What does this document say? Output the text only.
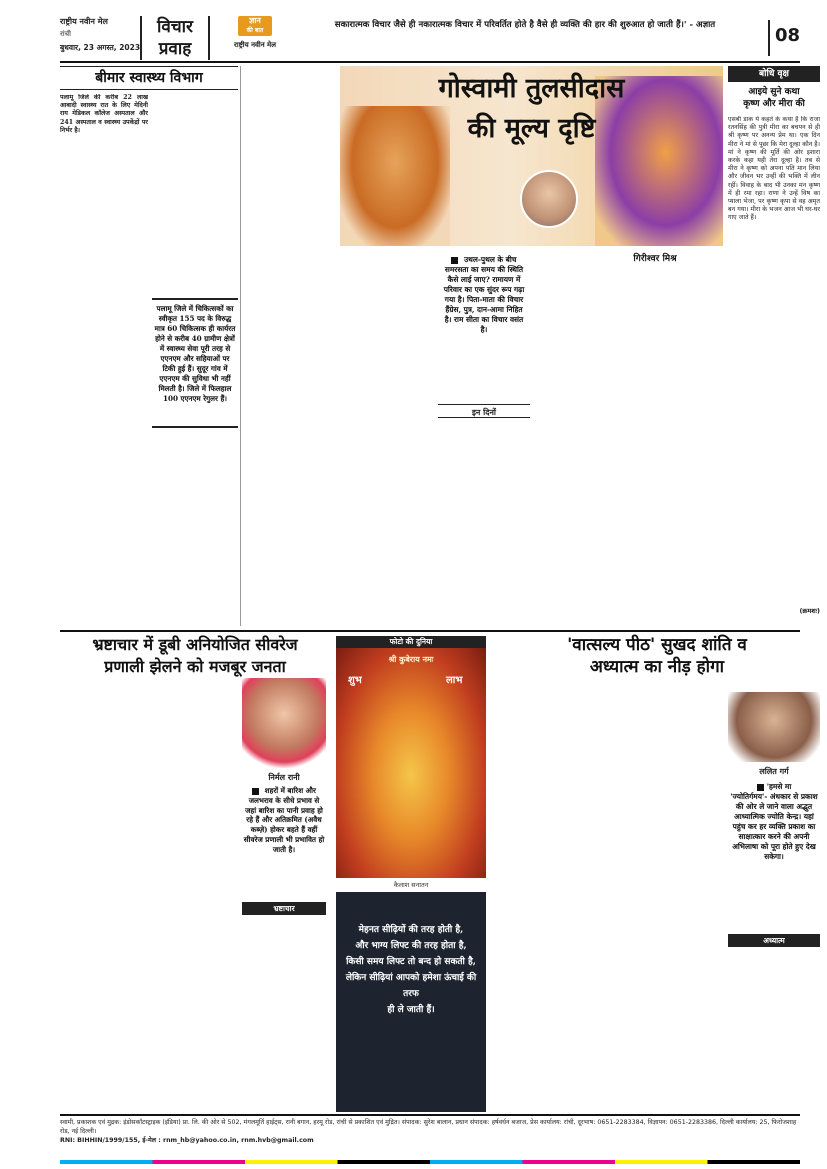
राष्ट्रीय नवीन मेल
रांची
बुधवार, 23 अगस्त, 2023
विचार
प्रवाह
ज्ञान
की बात
राष्ट्रीय नवीन मेल
सकारात्मक विचार जैसे ही नकारात्मक विचार में परिवर्तित होते है वैसे ही व्यक्ति की हार की शुरुआत हो जाती हैं।' - अज्ञात	08
बीमार स्वास्थ्य विभाग
पलामू जिले की करीब 22 लाख आबादी स्वास्थ्य रात के लिए मेदिनी राय मेडिकल कॉलेज अस्पताल और 241 अस्पताल व स्वास्थ्य उपकेंद्रों पर निर्भर है।
पलामू जिले में चिकित्सकों का स्वीकृत 155 पद के विरुद्ध मात्र 60 चिकित्सक ही कार्यरत होने से करीब 40 ग्रामीण क्षेत्रों में स्वास्थ्य सेवा पूरी तरह से एएनएम और सहियाओं पर टिकी हुई हैं। सुदूर गांव में एएनएम की सुविधा भी नहीं मिलती है। जिले में फिलहाल 100 एएनएम रेगुलर हैं।
गोस्वामी तुलसीदास
की मूल्य दृष्टि
गिरीश्वर मिश्र
उथल-पुथल के बीच समरसता का समय की स्थिति कैसे लाई जाए? रामायण में परिवार का एक सुंदर रूप गढ़ा गया है। पिता-माता की विचार हैंग्रेस, पुत्र, दान-आमा निहित है। राम सीता का विचार वसंत है।
इन दिनों
बोधि वृक्ष
आइये सुने कथा
कृष्ण और मीरा की
एसबी डाक ये कहते के कथा है कि राजा रतनसिंह की पुत्री मीरा का बचपन से ही श्री कृष्ण पर अनन्य प्रेम था। एक दिन मीरा ने मां से पूछा कि मेरा दूल्हा कौन है। मां ने कृष्ण की मूर्ति की ओर इशारा करके कहा यही तेरा दूल्हा है। तब से मीरा ने कृष्ण को अपना पति मान लिया और जीवन भर उन्हीं की भक्ति में लीन रहीं। विवाह के बाद भी उनका मन कृष्ण में ही रमा रहा। राणा ने उन्हें विष का प्याला भेजा, पर कृष्ण कृपा से वह अमृत बन गया। मीरा के भजन आज भी घर-घर गाए जाते हैं।
(क्रमशः)
भ्रष्टाचार में डूबी अनियोजित सीवरेज
प्रणाली झेलने को मजबूर जनता
निर्मल रानी
शहरों में बारिश और जलभराव के सीधे प्रभाव से जहां बारिश का पानी प्रवाह हो रहे हैं और अतिक्रमित (अवैध कब्ज़े) होकर बहते हैं वहीं सीवरेज प्रणाली भी प्रभावित हो जाती है।
भ्रष्टाचार
फोटो की दुनिया
श्री कुबेराय नमः
शुभ	लाभ
कैलाश सनातन
मेहनत सीढ़ियों की तरह होती है,
और भाग्य लिफ्ट की तरह होता है,
किसी समय लिफ्ट तो बन्द हो सकती है,
लेकिन सीढ़ियां आपको हमेशा ऊंचाई की तरफ
ही ले जाती हैं।
'वात्सल्य पीठ' सुखद शांति व
अध्यात्म का नीड़ होगा
ललित गर्ग
'हमसे मा
'ज्योतिर्गमय'- अंधकार से प्रकाश की ओर ले जाने वाला अद्भुत आध्यात्मिक ज्योति केन्द्र। यहां पहुंच कर हर व्यक्ति प्रकाश का साक्षात्कार करने की अपनी अभिलाषा को पूरा होते हुए देख सकेगा।
अध्यात्म
स्वामी, प्रकाशक एवं मुद्रक: इंडोसकॉटस्ट्राइक (इंडिया) प्रा. लि. की ओर से 502, मंगलमूर्ति हाईट्स, रानी बगान, हरमू रोड, रांची से प्रकाशित एवं मुद्रित। संपादक: सुरेश बालान, प्रधान संपादक: हर्षवर्धन बजाज, प्रेस कार्यालय: रांची, दूरभाष: 0651-2283384, विज्ञापन: 0651-2283386, दिल्ली कार्यालय: 25, फिरोजशाह रोड, नई दिल्ली।
RNI: BIHHIN/1999/155, ई-मेल : rnm_hb@yahoo.co.in, rnm.hvb@gmail.com
